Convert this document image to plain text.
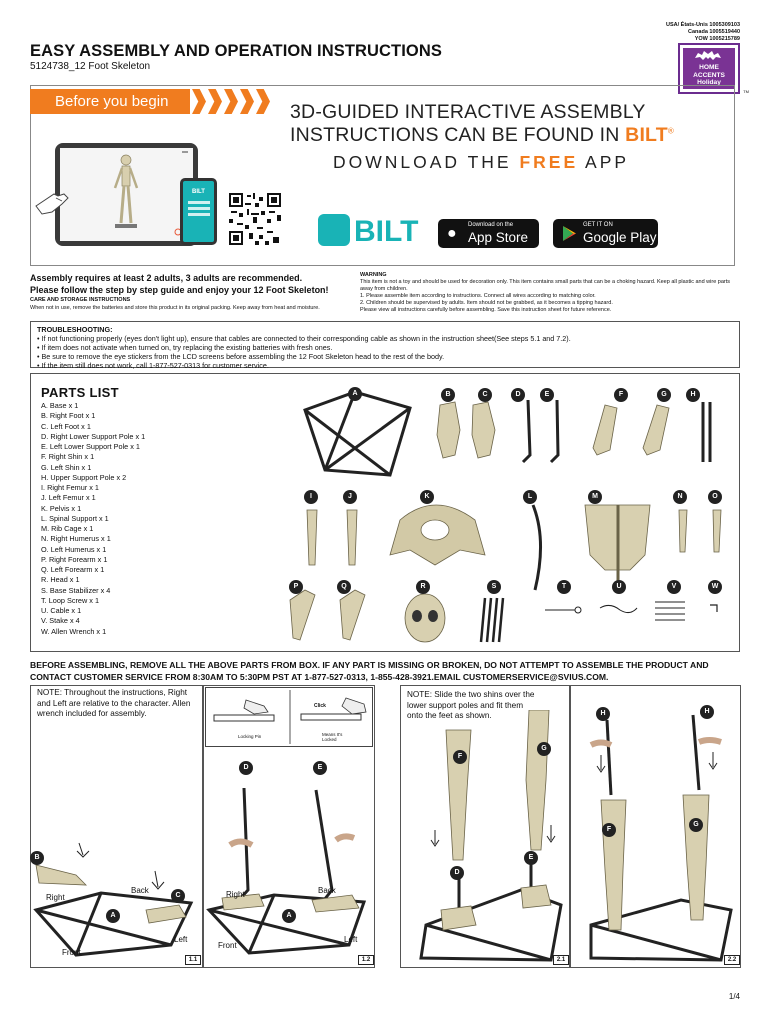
EASY ASSEMBLY AND OPERATION INSTRUCTIONS
5124738_12 Foot Skeleton
USA/ États-Unis 1005309103
Canada 1005519440
YOW 1005215789
HOME
ACCENTS
Holiday
TM
Before you begin
BILT
3D-GUIDED INTERACTIVE ASSEMBLY
INSTRUCTIONS CAN BE FOUND IN BILT®
DOWNLOAD THE FREE APP
BILT	● Download on the
App Store
GET IT ON
Google Play
Assembly requires at least 2 adults, 3 adults are recommended.
Please follow the step by step guide and enjoy your 12 Foot Skeleton!
CARE AND STORAGE INSTRUCTIONS
When not in use, remove the batteries and store this product in its original packing. Keep away from heat and moisture.
WARNING
This item is not a toy and should be used for decoration only. This item contains small parts that can be a choking hazard. Keep all plastic and wire parts away from children.
1. Please assemble item according to instructions. Connect all wires according to matching color.
2. Children should be supervised by adults. Item should not be grabbed, as it becomes a tipping hazard.
Please view all instructions carefully before assembling. Save this instruction sheet for future reference.
TROUBLESHOOTING:
• If not functioning properly (eyes don't light up), ensure that cables are connected to their corresponding cable as shown in the instruction sheet(See steps 5.1 and 7.2).
• If item does not activate when turned on, try replacing the existing batteries with fresh ones.
• Be sure to remove the eye stickers from the LCD screens before assembling the 12 Foot Skeleton head to the rest of the body.
• If the item still does not work, call 1-877-527-0313 for customer service.
PARTS LIST
A. Base x 1
B. Right Foot x 1
C. Left Foot x 1
D. Right Lower Support Pole x 1
E. Left Lower Support Pole x 1
F. Right Shin x 1
G. Left Shin x 1
H. Upper Support Pole x 2
I. Right Femur x 1
J. Left Femur x 1
K. Pelvis x 1
L. Spinal Support x 1
M. Rib Cage x 1
N. Right Humerus x 1
O. Left Humerus x 1
P. Right Forearm x 1
Q. Left Forearm x 1
R. Head x 1
S. Base Stabilizer x 4
T. Loop Screw x 1
U. Cable x 1
V. Stake x 4
W. Allen Wrench x 1
A	B	C	D	E	F	G	H
I	J	K	L	M	N	O
P	Q	R	S	T	U	V	W
BEFORE ASSEMBLING, REMOVE ALL THE ABOVE PARTS FROM BOX. IF ANY PART IS MISSING OR BROKEN, DO NOT ATTEMPT TO ASSEMBLE THE PRODUCT AND CONTACT CUSTOMER SERVICE FROM 8:30AM TO 5:30PM PST AT 1-877-527-0313, 1-855-428-3921.EMAIL CUSTOMERSERVICE@SVIUS.COM.
NOTE: Throughout the instructions, Right and Left are relative to the character. Allen wrench included for assembly.
NOTE: Slide the two shins over the lower support poles and fit them onto the feet as shown.
Locking Pin
Click
Means It's Locked
B
C
A
D	E
A
F
G
D
E
H	H
F
G
Right
Back
Left
Front
Right	Back
Left
Front
1.1	1.2	2.1	2.2
1/4
